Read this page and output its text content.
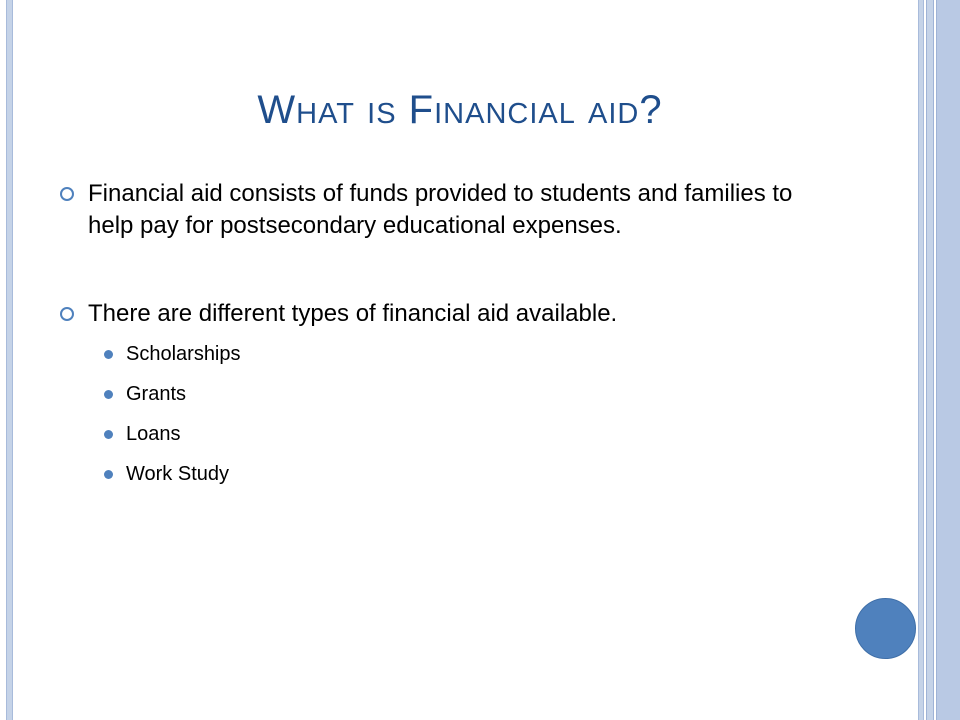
WHAT IS FINANCIAL AID?
Financial aid consists of funds provided to students and families to help pay for postsecondary educational expenses.
There are different types of financial aid available.
Scholarships
Grants
Loans
Work Study
